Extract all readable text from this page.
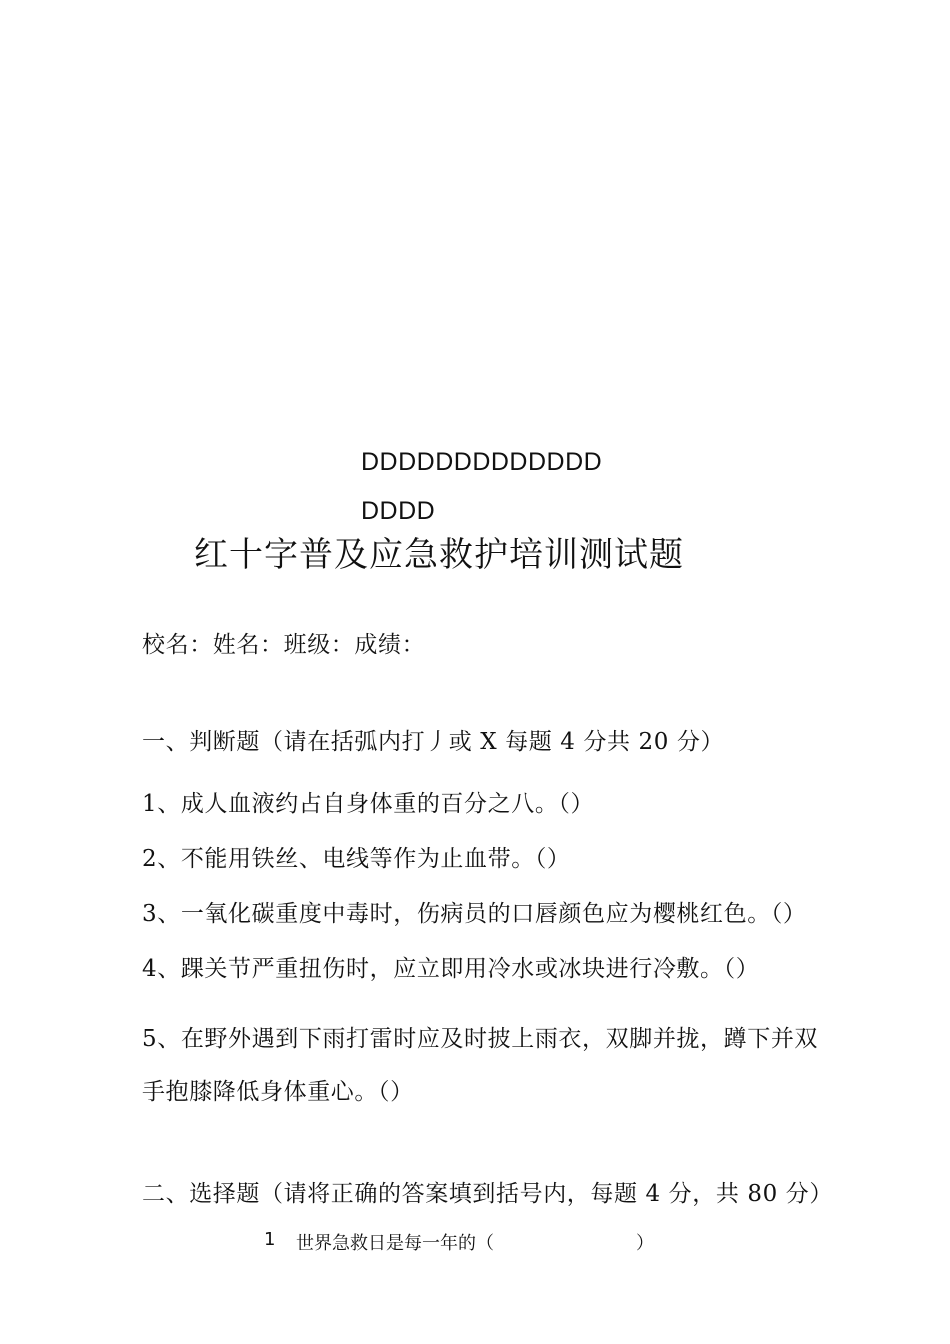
DDDDDDDDDDDDD
DDDD
红十字普及应急救护培训测试题
校名：姓名：班级：成绩：
一、判断题（请在括弧内打丿或 X 每题 4 分共 20 分）
1、成人血液约占自身体重的百分之八。（）
2、不能用铁丝、电线等作为止血带。（）
3、一氧化碳重度中毒时，伤病员的口唇颜色应为樱桃红色。（）
4、踝关节严重扭伤时，应立即用冷水或冰块进行冷敷。（）
5、在野外遇到下雨打雷时应及时披上雨衣，双脚并拢，蹲下并双
手抱膝降低身体重心。（）
二、选择题（请将正确的答案填到括号内，每题 4 分，共 80 分）
1 世界急救日是每一年的（	）
